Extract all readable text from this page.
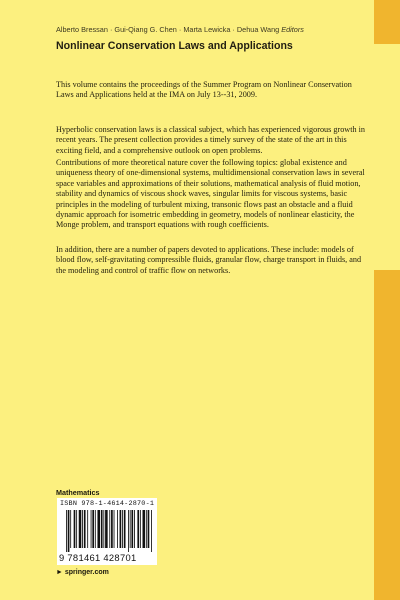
Alberto Bressan · Gui-Qiang G. Chen · Marta Lewicka · Dehua Wang Editors
Nonlinear Conservation Laws and Applications

This volume contains the proceedings of the Summer Program on Nonlinear Conservation Laws and Applications held at the IMA on July 13--31, 2009.

Hyperbolic conservation laws is a classical subject, which has experienced vigorous growth in recent years. The present collection provides a timely survey of the state of the art in this exciting field, and a comprehensive outlook on open problems.

Contributions of more theoretical nature cover the following topics: global existence and uniqueness theory of one-dimensional systems, multidimensional conservation laws in several space variables and approximations of their solutions, mathematical analysis of fluid motion, stability and dynamics of viscous shock waves, singular limits for viscous systems, basic principles in the modeling of turbulent mixing, transonic flows past an obstacle and a fluid dynamic approach for isometric embedding in geometry, models of nonlinear elasticity, the Monge problem, and transport equations with rough coefficients.

In addition, there are a number of papers devoted to applications. These include: models of blood flow, self-gravitating compressible fluids, granular flow, charge transport in fluids, and the modeling and control of traffic flow on networks.

Mathematics
ISBN 978-1-4614-2870-1
9 781461 428701
► springer.com
